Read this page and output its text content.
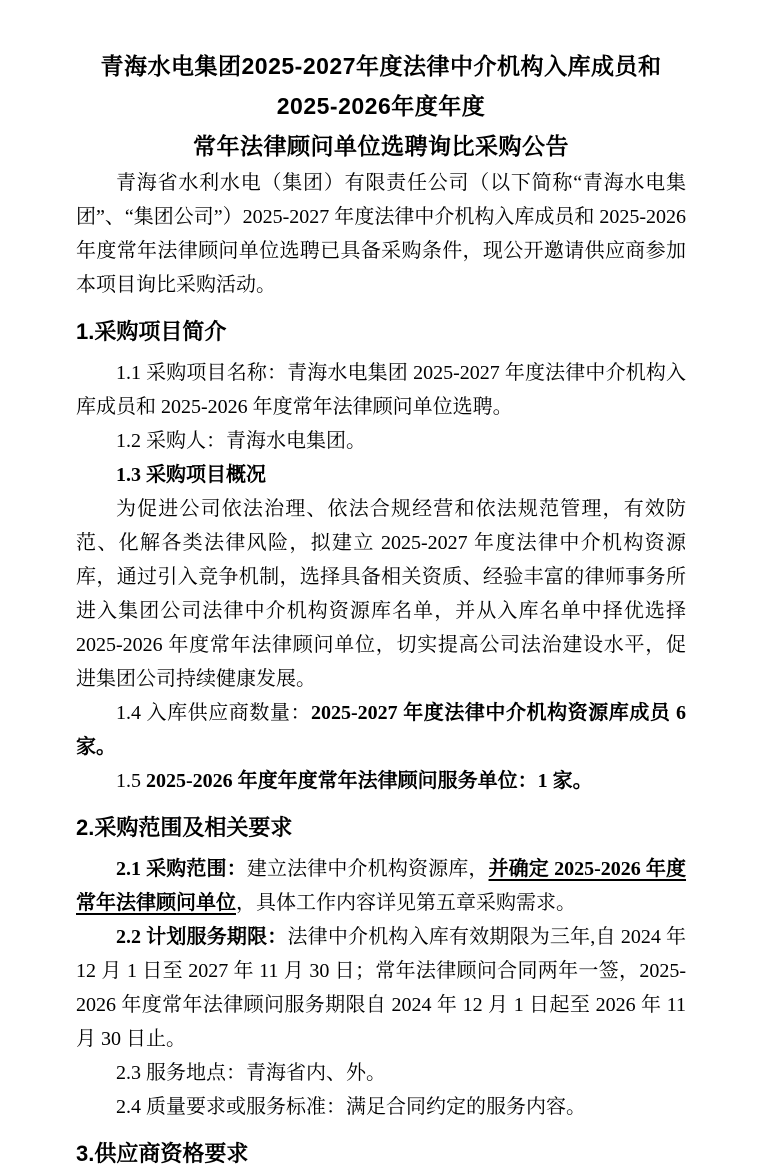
青海水电集团2025-2027年度法律中介机构入库成员和2025-2026年度年度
常年法律顾问单位选聘询比采购公告

青海省水利水电（集团）有限责任公司（以下简称“青海水电集团”、“集团公司”）2025-2027 年度法律中介机构入库成员和 2025-2026 年度常年法律顾问单位选聘已具备采购条件，现公开邀请供应商参加本项目询比采购活动。

1.采购项目简介

1.1 采购项目名称：青海水电集团 2025-2027 年度法律中介机构入库成员和 2025-2026 年度常年法律顾问单位选聘。

1.2 采购人：青海水电集团。

1.3 采购项目概况

为促进公司依法治理、依法合规经营和依法规范管理，有效防范、化解各类法律风险，拟建立 2025-2027 年度法律中介机构资源库，通过引入竞争机制，选择具备相关资质、经验丰富的律师事务所进入集团公司法律中介机构资源库名单，并从入库名单中择优选择 2025-2026 年度常年法律顾问单位，切实提高公司法治建设水平，促进集团公司持续健康发展。

1.4 入库供应商数量：2025-2027 年度法律中介机构资源库成员 6 家。

1.5 2025-2026 年度年度常年法律顾问服务单位：1 家。

2.采购范围及相关要求

2.1 采购范围：建立法律中介机构资源库，并确定 2025-2026 年度常年法律顾问单位，具体工作内容详见第五章采购需求。

2.2 计划服务期限：法律中介机构入库有效期限为三年,自 2024 年 12 月 1 日至 2027 年 11 月 30 日；常年法律顾问合同两年一签，2025-2026 年度常年法律顾问服务期限自 2024 年 12 月 1 日起至 2026 年 11 月 30 日止。

2.3 服务地点：青海省内、外。

2.4 质量要求或服务标准：满足合同约定的服务内容。

3.供应商资格要求
